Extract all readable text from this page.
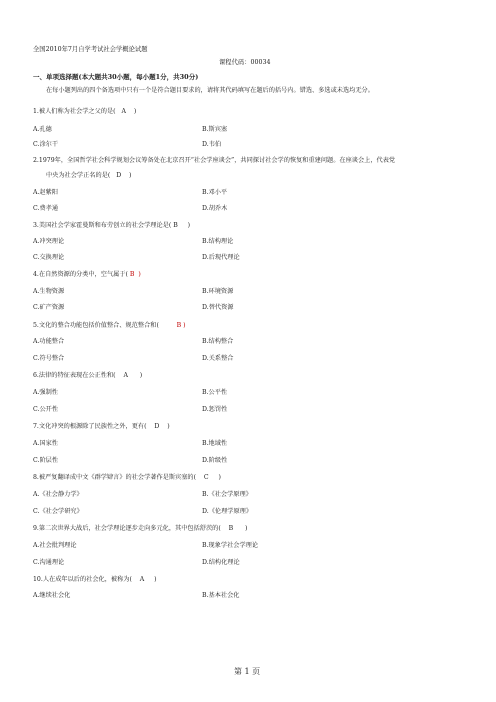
全国2010年7月自学考试社会学概论试题
课程代码：00034
一、单项选择题(本大题共30小题，每小题1分，共30分)
在每小题列出的四个备选项中只有一个是符合题目要求的，请将其代码填写在题后的括号内。错选、多选或未选均无分。
1.被人们称为社会学之父的是( A )
A.孔德	B.斯宾塞
C.涂尔干	D.韦伯
2.1979年，全国哲学社会科学规划会议筹备处在北京召开“社会学座谈会”，共同探讨社会学的恢复和重建问题。在座谈会上，代表党
中央为社会学正名的是( D )
A.赵紫阳	B.邓小平
C.费孝通	D.胡乔木
3.美国社会学家霍曼斯和布劳创立的社会学理论是( B )
A.冲突理论	B.结构理论
C.交换理论	D.后现代理论
4.在自然资源的分类中，空气属于( B )
A.生物资源	B.环境资源
C.矿产资源	D.替代资源
5.文化的整合功能包括价值整合、规范整合和(	B )
A.功能整合	B.结构整合
C.符号整合	D.关系整合
6.法律的特征表现在公正性和( A )
A.强制性	B.公平性
C.公开性	D.惩罚性
7.文化冲突的根源除了民族性之外，更有( D )
A.国家性	B.地域性
C.阶层性	D.阶级性
8.被严复翻译成中文《群学肄言》的社会学著作是斯宾塞的( C )
A.《社会静力学》	B.《社会学原理》
C.《社会学研究》	D.《伦理学原理》
9.第二次世界大战后，社会学理论逐步走向多元化，其中包括舒茨的( B )
A.社会批判理论	B.现象学社会学理论
C.沟通理论	D.结构化理论
10.人在成年以后的社会化，被称为( A )
A.继续社会化	B.基本社会化
第 1 页
